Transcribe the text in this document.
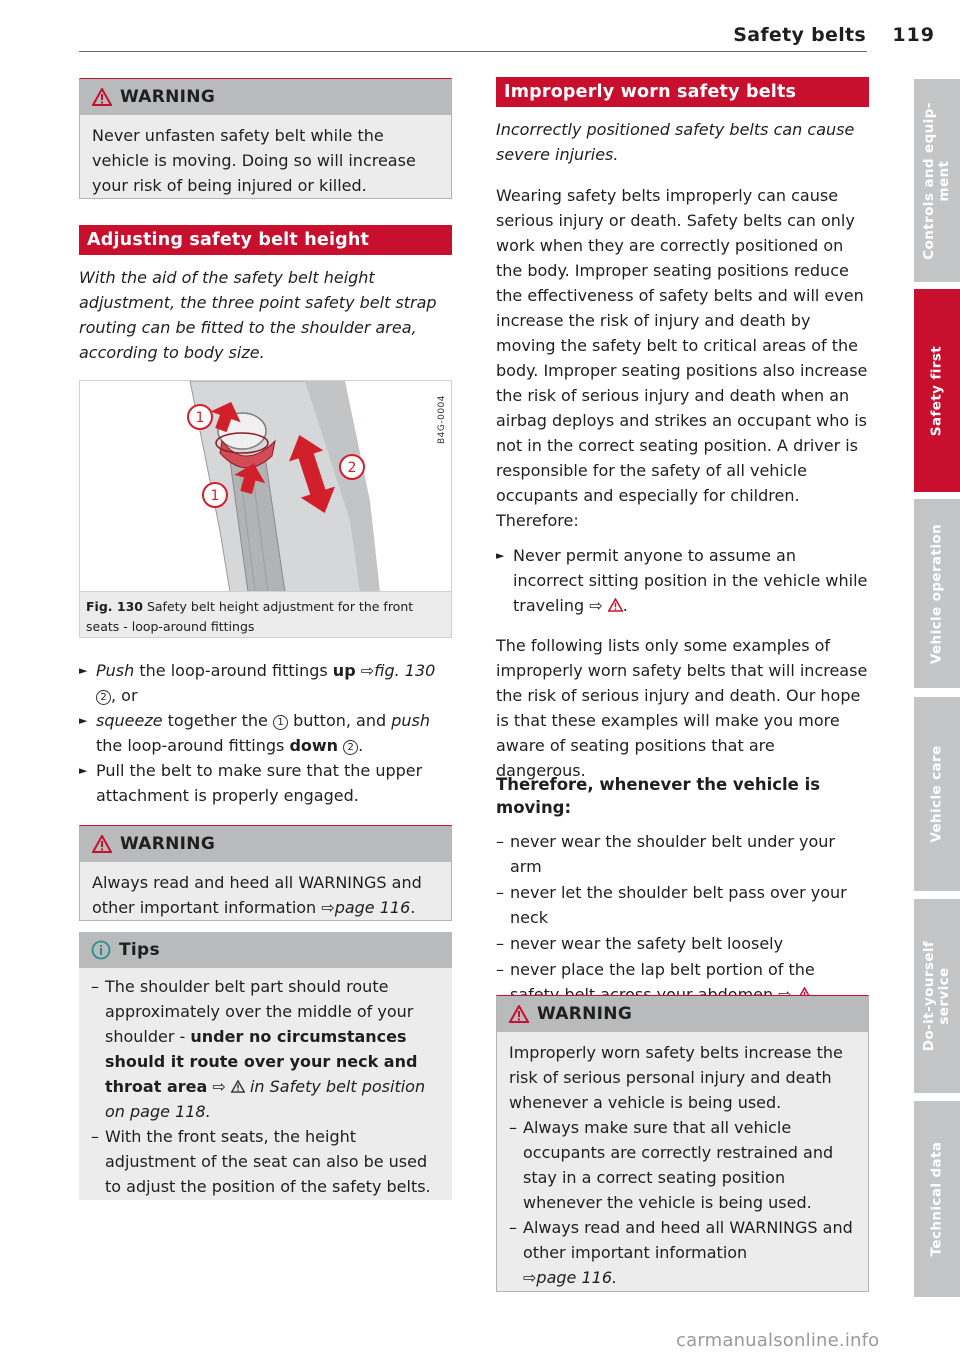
Safety belts 119
WARNING
Never unfasten safety belt while the vehicle is moving. Doing so will increase your risk of being injured or killed.
Adjusting safety belt height
With the aid of the safety belt height adjustment, the three point safety belt strap routing can be fitted to the shoulder area, according to body size.
1
1
2
B4G-0004
Fig. 130 Safety belt height adjustment for the front seats - loop-around fittings
► Push the loop-around fittings up ⇨fig. 130 2 , or
► squeeze together the 1 button, and push the loop-around fittings down 2 .
► Pull the belt to make sure that the upper attachment is properly engaged.
WARNING
Always read and heed all WARNINGS and other important information ⇨page 116.
Tips
– The shoulder belt part should route approximately over the middle of your shoulder - under no circumstances should it route over your neck and throat area ⇨ in Safety belt position on page 118.
– With the front seats, the height adjustment of the seat can also be used to adjust the position of the safety belts.
Improperly worn safety belts
Incorrectly positioned safety belts can cause severe injuries.
Wearing safety belts improperly can cause serious injury or death. Safety belts can only work when they are correctly positioned on the body. Improper seating positions reduce the effectiveness of safety belts and will even increase the risk of injury and death by moving the safety belt to critical areas of the body. Improper seating positions also increase the risk of serious injury and death when an airbag deploys and strikes an occupant who is not in the correct seating position. A driver is responsible for the safety of all vehicle occupants and especially for children. Therefore:
► Never permit anyone to assume an incorrect sitting position in the vehicle while traveling ⇨ .
The following lists only some examples of improperly worn safety belts that will increase the risk of serious injury and death. Our hope is that these examples will make you more aware of seating positions that are dangerous.
Therefore, whenever the vehicle is moving:
– never wear the shoulder belt under your arm
– never let the shoulder belt pass over your neck
– never wear the safety belt loosely
– never place the lap belt portion of the
WARNING
Improperly worn safety belts increase the risk of serious personal injury and death whenever a vehicle is being used.
– Always make sure that all vehicle occupants are correctly restrained and stay in a correct seating position whenever the vehicle is being used.
– Always read and heed all WARNINGS and other important information
⇨page 116.
Controls and equip-ment
Safety first
Vehicle operation
Vehicle care
Do-it-yourself service
Technical data
carmanualsonline.info
